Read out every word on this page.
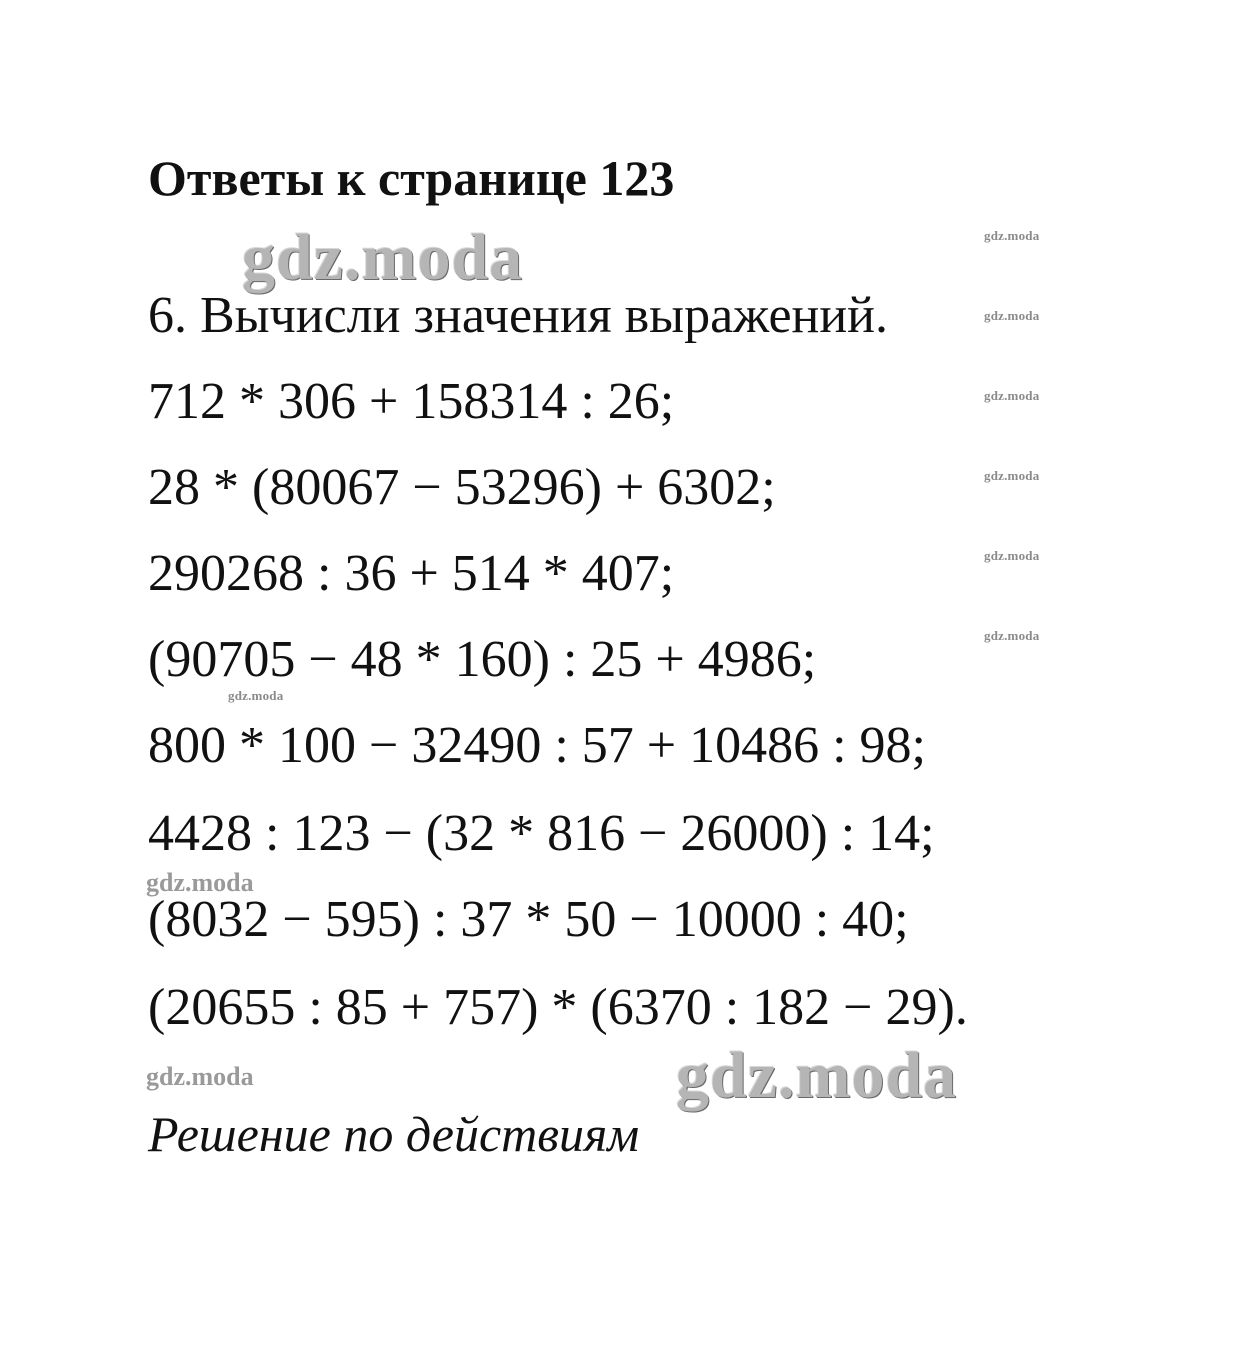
Ответы к странице 123
6. Вычисли значения выражений.
712 * 306 + 158314 : 26;
28 * (80067 − 53296) + 6302;
290268 : 36 + 514 * 407;
(90705 − 48 * 160) : 25 + 4986;
800 * 100 − 32490 : 57 + 10486 : 98;
4428 : 123 − (32 * 816 − 26000) : 14;
(8032 − 595) : 37 * 50 − 10000 : 40;
(20655 : 85 + 757) * (6370 : 182 − 29).
Решение по действиям
gdz.moda
gdz.moda
gdz.moda
gdz.moda
gdz.moda
gdz.moda
gdz.moda
gdz.moda
gdz.moda
gdz.moda
gdz.moda
